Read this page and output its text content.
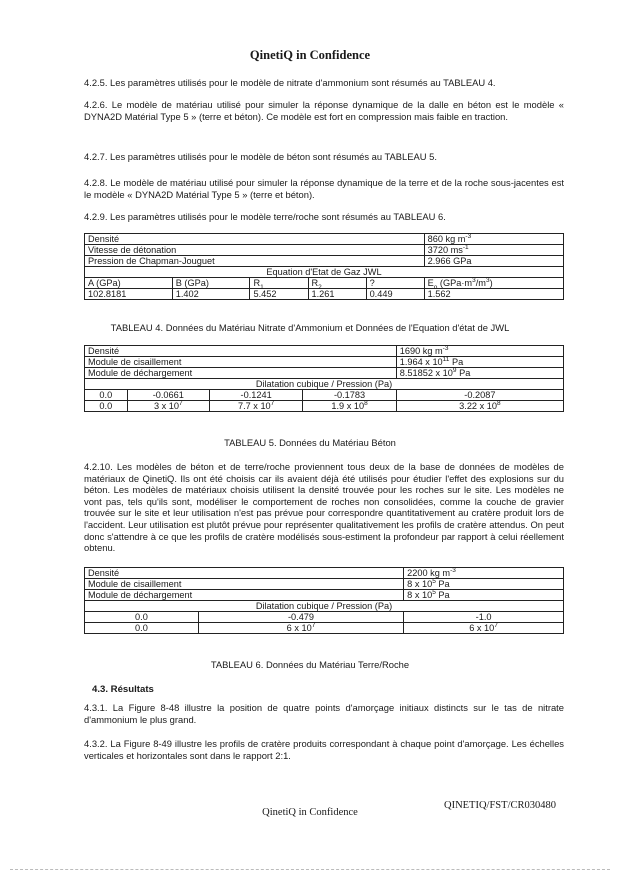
QinetiQ in Confidence
4.2.5. Les paramètres utilisés pour le modèle de nitrate d'ammonium sont résumés au TABLEAU 4.
4.2.6. Le modèle de matériau utilisé pour simuler la réponse dynamique de la dalle en béton est le modèle « DYNA2D Matérial Type 5 » (terre et béton). Ce modèle est fort en compression mais faible en traction.
4.2.7. Les paramètres utilisés pour le modèle de béton sont résumés au TABLEAU 5.
4.2.8. Le modèle de matériau utilisé pour simuler la réponse dynamique de la terre et de la roche sous-jacentes est le modèle « DYNA2D Matérial Type 5 » (terre et béton).
4.2.9. Les paramètres utilisés pour le modèle terre/roche sont résumés au TABLEAU 6.
Densité					860 kg $m^{-3}$
Vitesse de détonation					3720 $ms^{-1}$
Pression de Chapman-Jouguet					2.966 GPa
Equation d'Etat de Gaz JWL					
A (GPa)	B (GPa)	$R_1$	$R_2$	?	$E_o$ $(GPa\cdot m^3/m^3)$
102.8181	1.402	5.452	1.261	0.449	1.562
TABLEAU 4. Données du Matériau Nitrate d'Ammonium et Données de l'Equation d'état de JWL
Densité				1690 kg $m^{-3}$
Module de cisaillement				1.964 x $10^{11}$ Pa
Module de déchargement				8.51852 x $10^9$ Pa
Dilatation cubique / Pression (Pa)				
0.0	-0.0661	-0.1241	-0.1783	-0.2087
0.0	3 x $10^7$	7.7 x $10^7$	1.9 x $10^8$	3.22 x $10^8$
TABLEAU 5. Données du Matériau Béton
4.2.10. Les modèles de béton et de terre/roche proviennent tous deux de la base de données de modèles de matériaux de QinetiQ. Ils ont été choisis car ils avaient déjà été utilisés pour étudier l'effet des explosions sur du béton. Les modèles de matériaux choisis utilisent la densité trouvée pour les roches sur le site. Les modèles ne vont pas, tels qu'ils sont, modéliser le comportement de roches non consolidées, comme la couche de gravier trouvée sur le site et leur utilisation n'est pas prévue pour correspondre quantitativement au cratère produit lors de l'accident. Leur utilisation est plutôt prévue pour représenter qualitativement les profils de cratère attendus. On peut donc s'attendre à ce que les profils de cratère modélisés sous-estiment la profondeur par rapport à celui réellement obtenu.
Densité		2200 kg $m^{-3}$
Module de cisaillement		8 x $10^5$ Pa
Module de déchargement		8 x $10^5$ Pa
Dilatation cubique / Pression (Pa)		
0.0	-0.479	-1.0
0.0	6 x $10^7$	6 x $10^7$
TABLEAU 6. Données du Matériau Terre/Roche
4.3. Résultats
4.3.1. La Figure 8-48 illustre la position de quatre points d'amorçage initiaux distincts sur le tas de nitrate d'ammonium le plus grand.
4.3.2. La Figure 8-49 illustre les profils de cratère produits correspondant à chaque point d'amorçage. Les échelles verticales et horizontales sont dans le rapport 2:1.
QINETIQ/FST/CR030480
QinetiQ in Confidence
